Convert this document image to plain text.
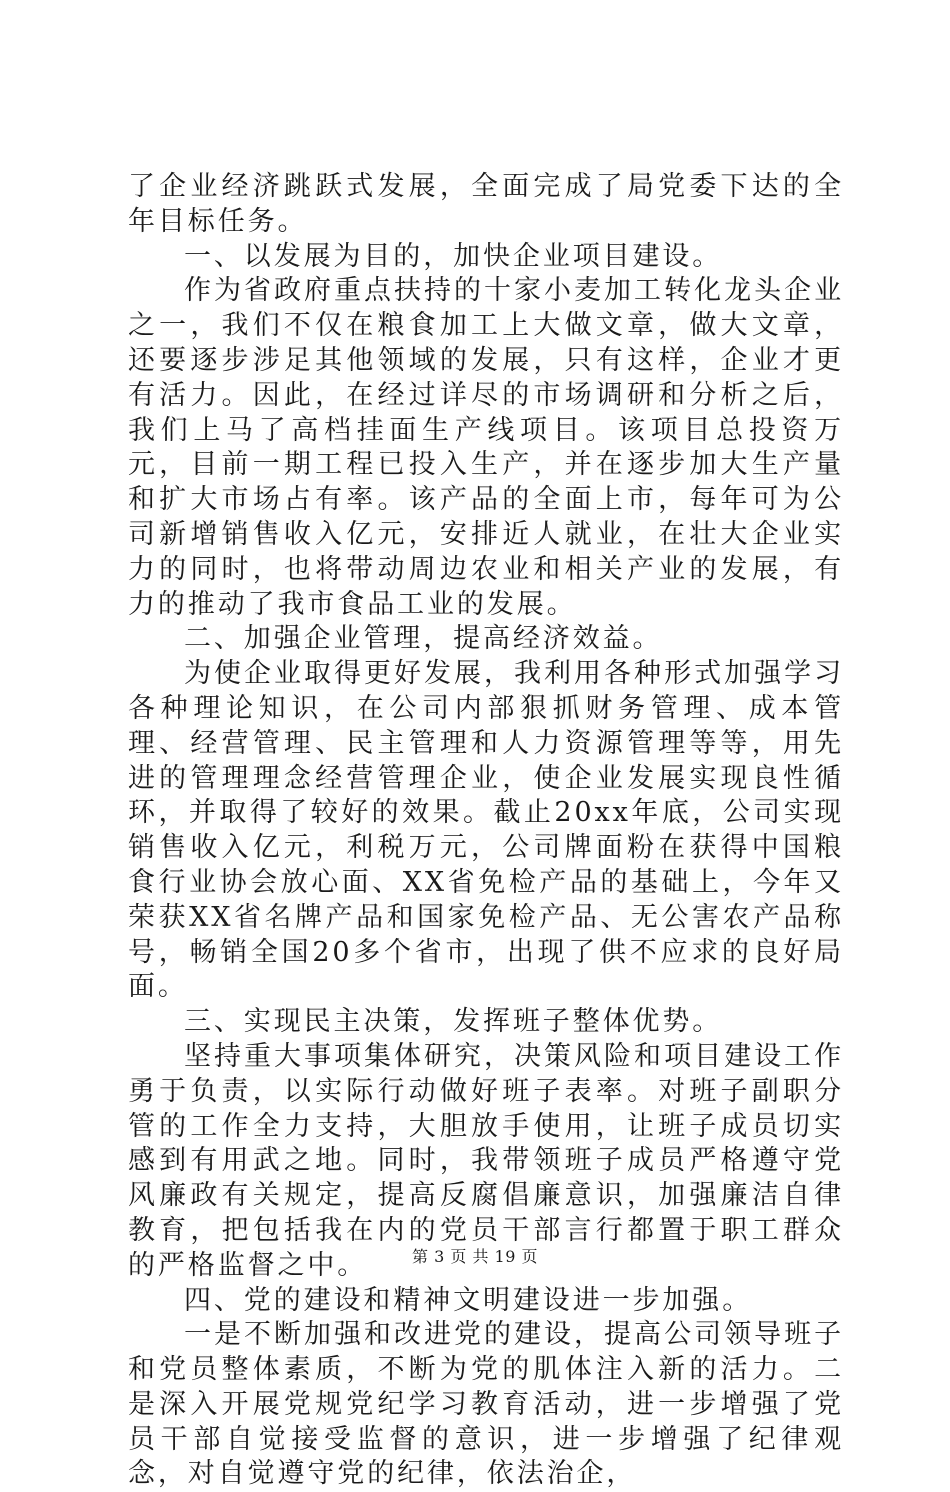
了企业经济跳跃式发展，全面完成了局党委下达的全年目标任务。

一、以发展为目的，加快企业项目建设。

作为省政府重点扶持的十家小麦加工转化龙头企业之一，我们不仅在粮食加工上大做文章，做大文章，还要逐步涉足其他领域的发展，只有这样，企业才更有活力。因此，在经过详尽的市场调研和分析之后，我们上马了高档挂面生产线项目。该项目总投资万元，目前一期工程已投入生产，并在逐步加大生产量和扩大市场占有率。该产品的全面上市，每年可为公司新增销售收入亿元，安排近人就业，在壮大企业实力的同时，也将带动周边农业和相关产业的发展，有力的推动了我市食品工业的发展。

二、加强企业管理，提高经济效益。

为使企业取得更好发展，我利用各种形式加强学习各种理论知识，在公司内部狠抓财务管理、成本管理、经营管理、民主管理和人力资源管理等等，用先进的管理理念经营管理企业，使企业发展实现良性循环，并取得了较好的效果。截止20xx年底，公司实现销售收入亿元，利税万元，公司牌面粉在获得中国粮食行业协会放心面、XX省免检产品的基础上，今年又荣获XX省名牌产品和国家免检产品、无公害农产品称号，畅销全国20多个省市，出现了供不应求的良好局面。

三、实现民主决策，发挥班子整体优势。

坚持重大事项集体研究，决策风险和项目建设工作勇于负责，以实际行动做好班子表率。对班子副职分管的工作全力支持，大胆放手使用，让班子成员切实感到有用武之地。同时，我带领班子成员严格遵守党风廉政有关规定，提高反腐倡廉意识，加强廉洁自律教育，把包括我在内的党员干部言行都置于职工群众的严格监督之中。

四、党的建设和精神文明建设进一步加强。

一是不断加强和改进党的建设，提高公司领导班子和党员整体素质，不断为党的肌体注入新的活力。二是深入开展党规党纪学习教育活动，进一步增强了党员干部自觉接受监督的意识，进一步增强了纪律观念，对自觉遵守党的纪律，依法治企，

第 3 页 共 19 页
